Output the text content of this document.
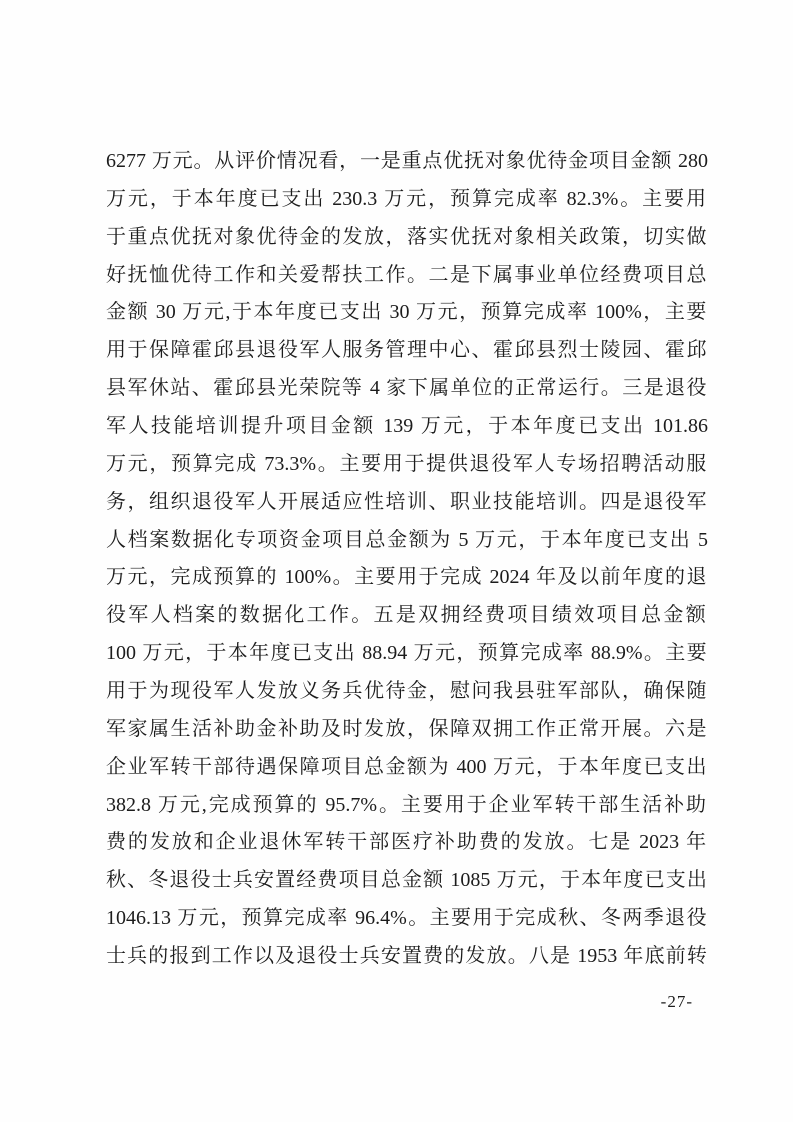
6277 万元。从评价情况看，一是重点优抚对象优待金项目金额 280
万元，于本年度已支出 230.3 万元，预算完成率 82.3%。主要用
于重点优抚对象优待金的发放，落实优抚对象相关政策，切实做
好抚恤优待工作和关爱帮扶工作。二是下属事业单位经费项目总
金额 30 万元,于本年度已支出 30 万元，预算完成率 100%，主要
用于保障霍邱县退役军人服务管理中心、霍邱县烈士陵园、霍邱
县军休站、霍邱县光荣院等 4 家下属单位的正常运行。三是退役
军人技能培训提升项目金额 139 万元，于本年度已支出 101.86
万元，预算完成 73.3%。主要用于提供退役军人专场招聘活动服
务，组织退役军人开展适应性培训、职业技能培训。四是退役军
人档案数据化专项资金项目总金额为 5 万元，于本年度已支出 5
万元，完成预算的 100%。主要用于完成 2024 年及以前年度的退
役军人档案的数据化工作。五是双拥经费项目绩效项目总金额
100 万元，于本年度已支出 88.94 万元，预算完成率 88.9%。主要
用于为现役军人发放义务兵优待金，慰问我县驻军部队，确保随
军家属生活补助金补助及时发放，保障双拥工作正常开展。六是
企业军转干部待遇保障项目总金额为 400 万元，于本年度已支出
382.8 万元,完成预算的 95.7%。主要用于企业军转干部生活补助
费的发放和企业退休军转干部医疗补助费的发放。七是 2023 年
秋、冬退役士兵安置经费项目总金额 1085 万元，于本年度已支出
1046.13 万元，预算完成率 96.4%。主要用于完成秋、冬两季退役
士兵的报到工作以及退役士兵安置费的发放。八是 1953 年底前转
-27-
